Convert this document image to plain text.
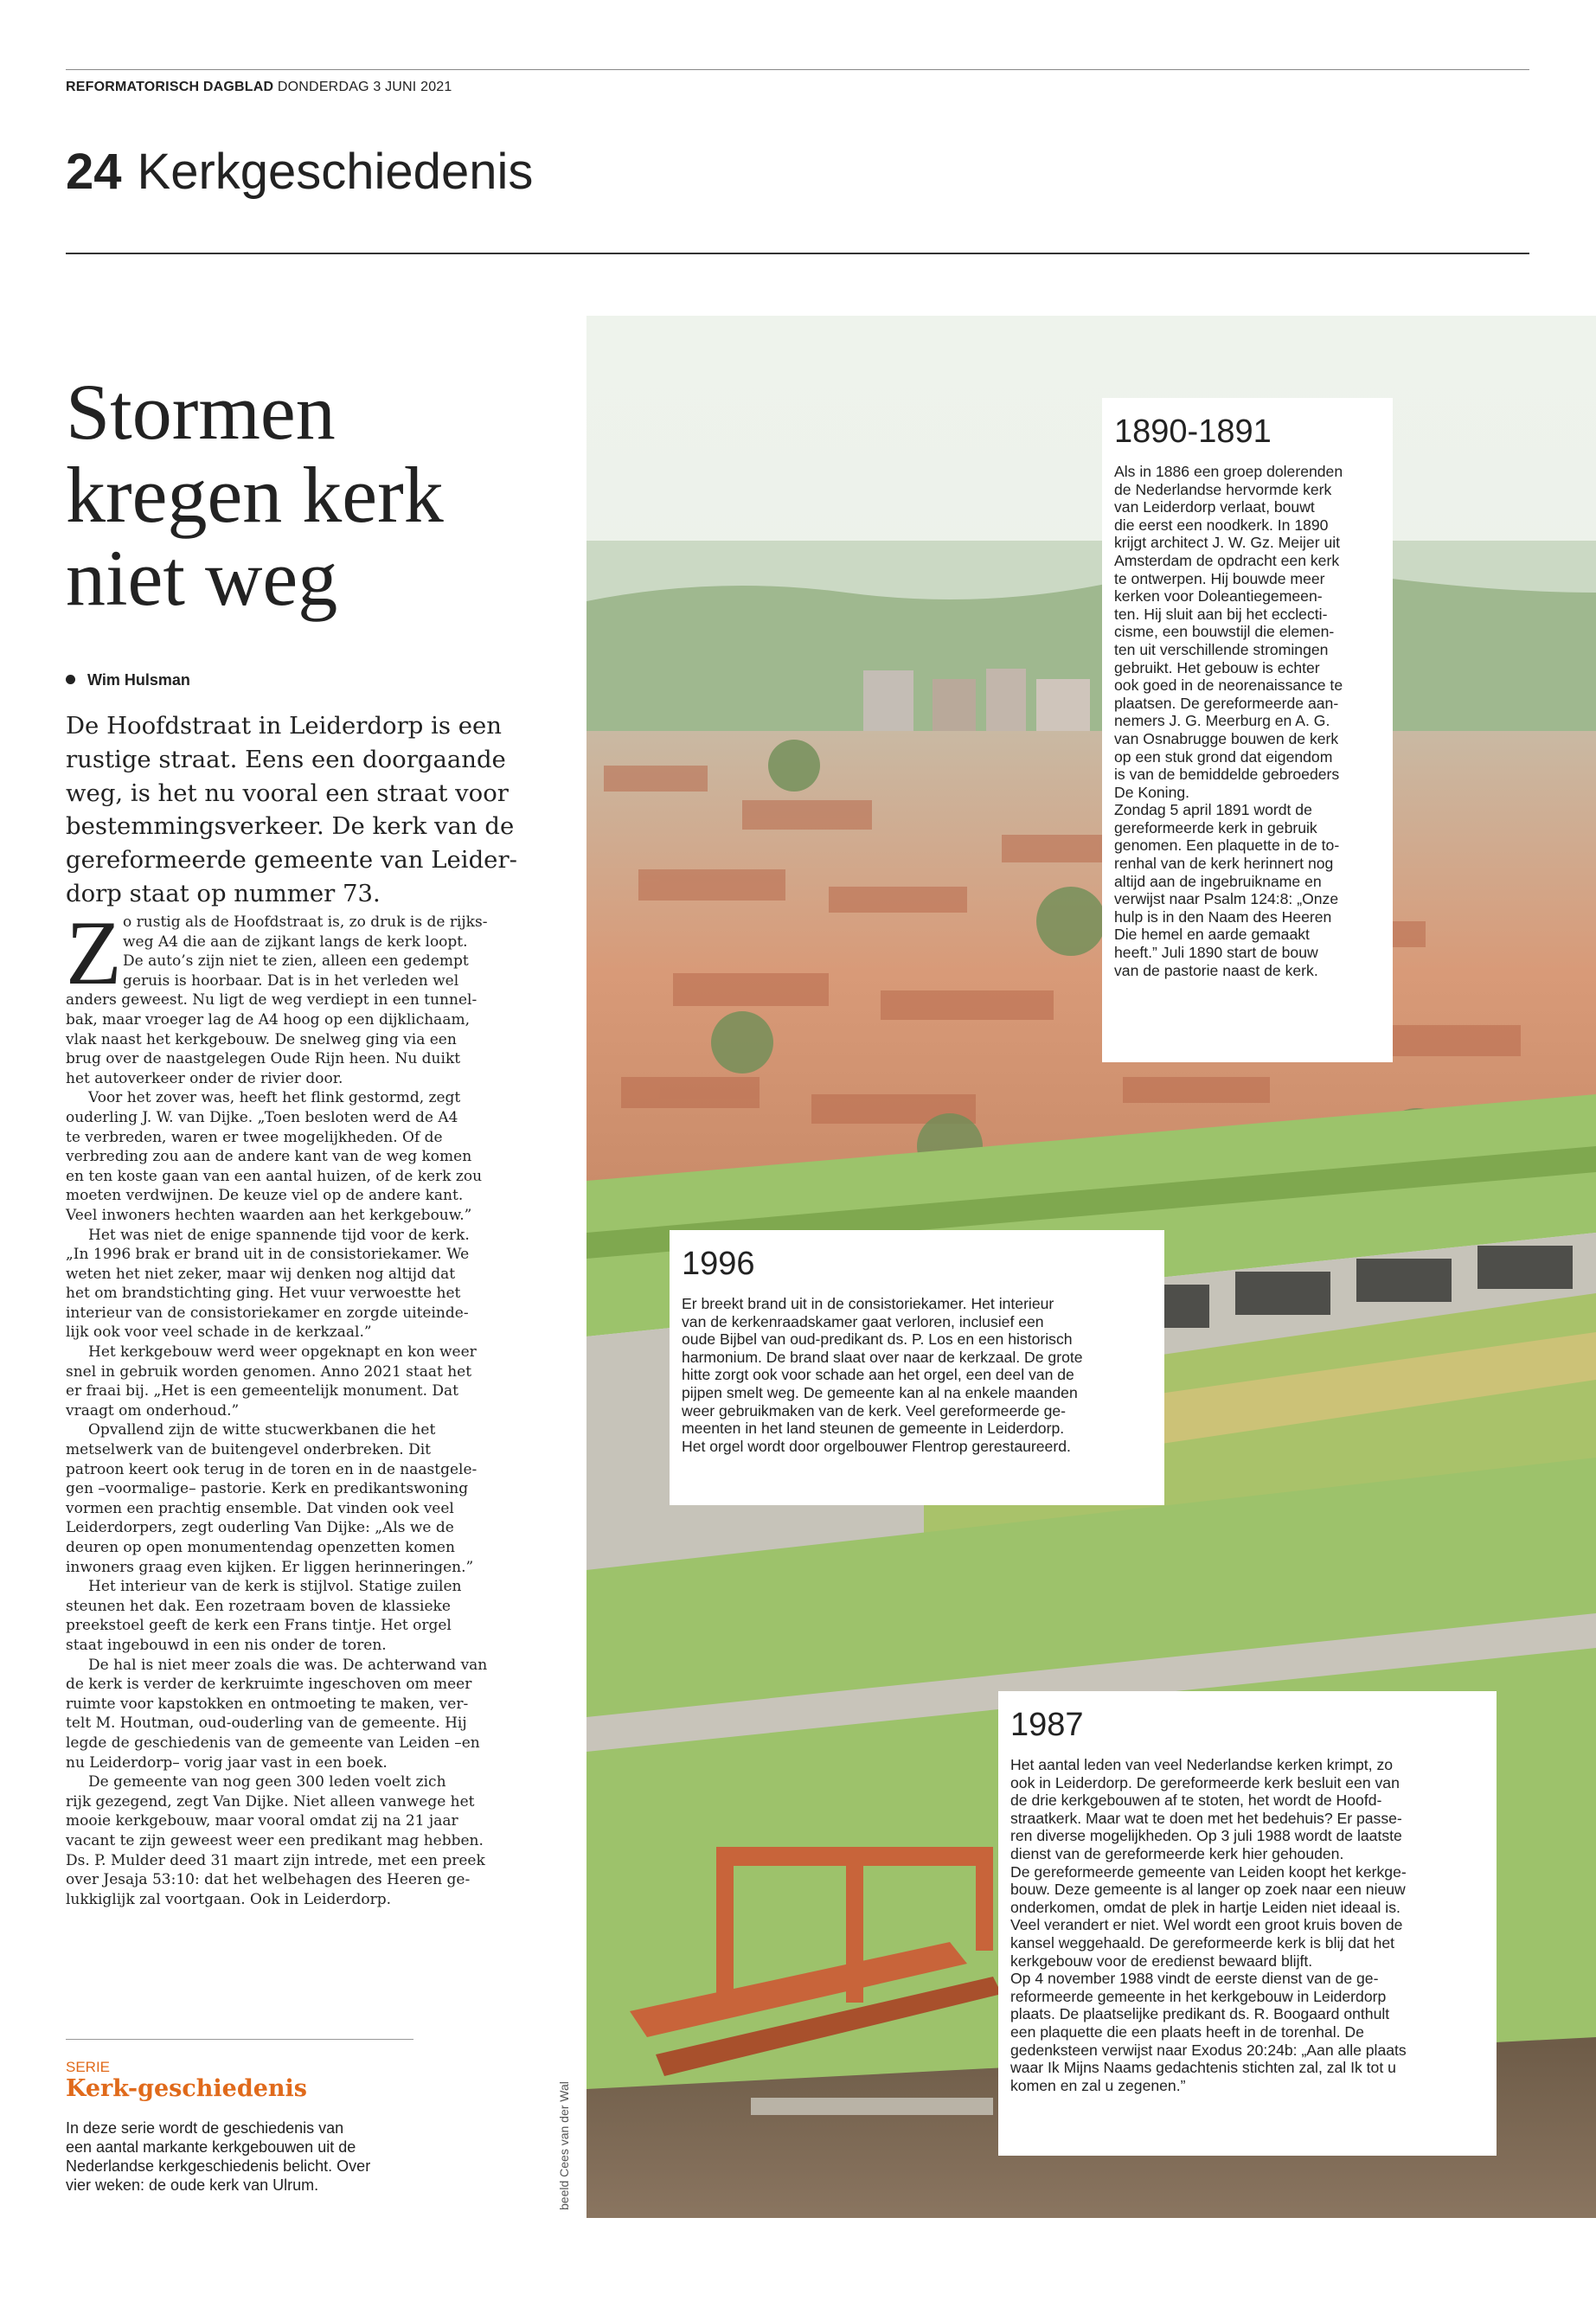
REFORMATORISCH DAGBLAD DONDERDAG 3 JUNI 2021
24 Kerkgeschiedenis
Stormen
kregen kerk
niet weg
Wim Hulsman
De Hoofdstraat in Leiderdorp is een
rustige straat. Eens een doorgaande
weg, is het nu vooral een straat voor
bestemmingsverkeer. De kerk van de
gereformeerde gemeente van Leider-
dorp staat op nummer 73.
Z o rustig als de Hoofdstraat is, zo druk is de rijks-
weg A4 die aan de zijkant langs de kerk loopt.
De auto’s zijn niet te zien, alleen een gedempt
geruis is hoorbaar. Dat is in het verleden wel
anders geweest. Nu ligt de weg verdiept in een tunnel-
bak, maar vroeger lag de A4 hoog op een dijklichaam,
vlak naast het kerkgebouw. De snelweg ging via een
brug over de naastgelegen Oude Rijn heen. Nu duikt
het autoverkeer onder de rivier door.
Voor het zover was, heeft het flink gestormd, zegt
ouderling J. W. van Dijke. „Toen besloten werd de A4
te verbreden, waren er twee mogelijkheden. Of de
verbreding zou aan de andere kant van de weg komen
en ten koste gaan van een aantal huizen, of de kerk zou
moeten verdwijnen. De keuze viel op de andere kant.
Veel inwoners hechten waarden aan het kerkgebouw.”
Het was niet de enige spannende tijd voor de kerk.
„In 1996 brak er brand uit in de consistoriekamer. We
weten het niet zeker, maar wij denken nog altijd dat
het om brandstichting ging. Het vuur verwoestte het
interieur van de consistoriekamer en zorgde uiteinde-
lijk ook voor veel schade in de kerkzaal.”
Het kerkgebouw werd weer opgeknapt en kon weer
snel in gebruik worden genomen. Anno 2021 staat het
er fraai bij. „Het is een gemeentelijk monument. Dat
vraagt om onderhoud.”
Opvallend zijn de witte stucwerkbanen die het
metselwerk van de buitengevel onderbreken. Dit
patroon keert ook terug in de toren en in de naastgele-
gen –voormalige– pastorie. Kerk en predikantswoning
vormen een prachtig ensemble. Dat vinden ook veel
Leiderdorpers, zegt ouderling Van Dijke: „Als we de
deuren op open monumentendag openzetten komen
inwoners graag even kijken. Er liggen herinneringen.”
Het interieur van de kerk is stijlvol. Statige zuilen
steunen het dak. Een rozetraam boven de klassieke
preekstoel geeft de kerk een Frans tintje. Het orgel
staat ingebouwd in een nis onder de toren.
De hal is niet meer zoals die was. De achterwand van
de kerk is verder de kerkruimte ingeschoven om meer
ruimte voor kapstokken en ontmoeting te maken, ver-
telt M. Houtman, oud-ouderling van de gemeente. Hij
legde de geschiedenis van de gemeente van Leiden –en
nu Leiderdorp– vorig jaar vast in een boek.
De gemeente van nog geen 300 leden voelt zich
rijk gezegend, zegt Van Dijke. Niet alleen vanwege het
mooie kerkgebouw, maar vooral omdat zij na 21 jaar
vacant te zijn geweest weer een predikant mag hebben.
Ds. P. Mulder deed 31 maart zijn intrede, met een preek
over Jesaja 53:10: dat het welbehagen des Heeren ge-
lukkiglijk zal voortgaan. Ook in Leiderdorp.
SERIE
Kerk-geschiedenis
In deze serie wordt de geschiedenis van
een aantal markante kerkgebouwen uit de
Nederlandse kerkgeschiedenis belicht. Over
vier weken: de oude kerk van Ulrum.	beeld Cees van der Wal
1890-1891
Als in 1886 een groep dolerenden
de Nederlandse hervormde kerk
van Leiderdorp verlaat, bouwt
die eerst een noodkerk. In 1890
krijgt architect J. W. Gz. Meijer uit
Amsterdam de opdracht een kerk
te ontwerpen. Hij bouwde meer
kerken voor Doleantiegemeen-
ten. Hij sluit aan bij het ecclecti-
cisme, een bouwstijl die elemen-
ten uit verschillende stromingen
gebruikt. Het gebouw is echter
ook goed in de neorenaissance te
plaatsen. De gereformeerde aan-
nemers J. G. Meerburg en A. G.
van Osnabrugge bouwen de kerk
op een stuk grond dat eigendom
is van de bemiddelde gebroeders
De Koning.
Zondag 5 april 1891 wordt de
gereformeerde kerk in gebruik
genomen. Een plaquette in de to-
renhal van de kerk herinnert nog
altijd aan de ingebruikname en
verwijst naar Psalm 124:8: „Onze
hulp is in den Naam des Heeren
Die hemel en aarde gemaakt
heeft.” Juli 1890 start de bouw
van de pastorie naast de kerk.
1996
Er breekt brand uit in de consistoriekamer. Het interieur
van de kerkenraadskamer gaat verloren, inclusief een
oude Bijbel van oud-predikant ds. P. Los en een historisch
harmonium. De brand slaat over naar de kerkzaal. De grote
hitte zorgt ook voor schade aan het orgel, een deel van de
pijpen smelt weg. De gemeente kan al na enkele maanden
weer gebruikmaken van de kerk. Veel gereformeerde ge-
meenten in het land steunen de gemeente in Leiderdorp.
Het orgel wordt door orgelbouwer Flentrop gerestaureerd.
1987
Het aantal leden van veel Nederlandse kerken krimpt, zo
ook in Leiderdorp. De gereformeerde kerk besluit een van
de drie kerkgebouwen af te stoten, het wordt de Hoofd-
straatkerk. Maar wat te doen met het bedehuis? Er passe-
ren diverse mogelijkheden. Op 3 juli 1988 wordt de laatste
dienst van de gereformeerde kerk hier gehouden.
De gereformeerde gemeente van Leiden koopt het kerkge-
bouw. Deze gemeente is al langer op zoek naar een nieuw
onderkomen, omdat de plek in hartje Leiden niet ideaal is.
Veel verandert er niet. Wel wordt een groot kruis boven de
kansel weggehaald. De gereformeerde kerk is blij dat het
kerkgebouw voor de eredienst bewaard blijft.
Op 4 november 1988 vindt de eerste dienst van de ge-
reformeerde gemeente in het kerkgebouw in Leiderdorp
plaats. De plaatselijke predikant ds. R. Boogaard onthult
een plaquette die een plaats heeft in de torenhal. De
gedenksteen verwijst naar Exodus 20:24b: „Aan alle plaats
waar Ik Mijns Naams gedachtenis stichten zal, zal Ik tot u
komen en zal u zegenen.”
